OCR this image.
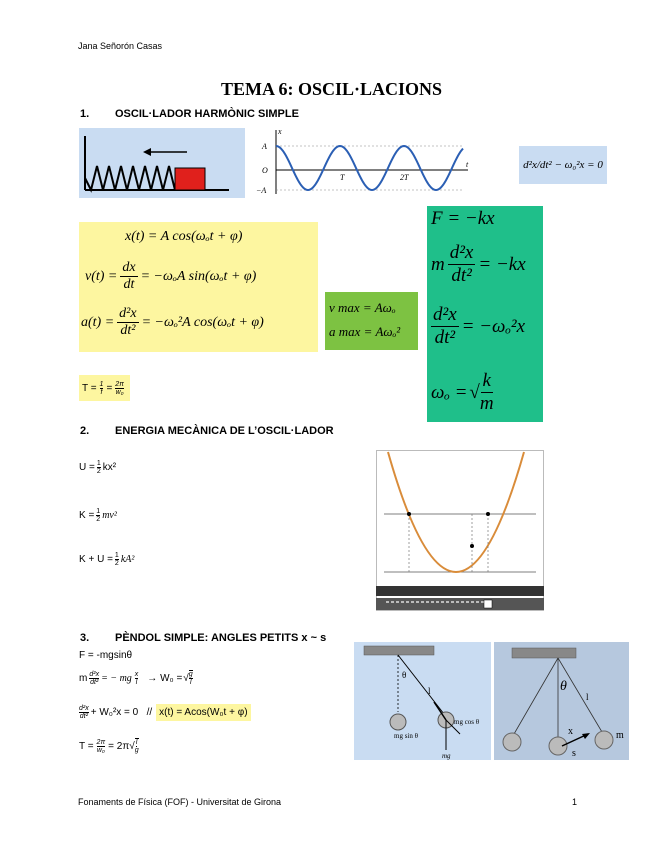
Jana Señorón Casas
TEMA 6: OSCIL·LACIONS
1. OSCIL·LADOR HARMÒNIC SIMPLE
x
A
O
−A
T	2T
t	d²x/dt² − ω₀²x = 0
x(t) = A cos(ωₒt + φ)
$v(t) = \frac{dx}{dt} = -\omega_oA$ sin(ωₒt + φ)
$a(t) = \frac{\text{d²x}}{\text{dt²}} = -\omega_o^2A$ cos(ωₒt + φ)
v max = Aωₒ
a max = Aωₒ²
F = −kx
m $\frac{\text{d²x}}{\text{dt²}} = -kx$
$\frac{\text{d²x}}{\text{dt²}} = -\omega_o^2x$
ωₒ = √ $\frac{k}{m}$
$T = \frac{1}{f} = \frac{2\pi}{\text{w₀}}$
2. ENERGIA MECÀNICA DE L’OSCIL·LADOR
$U = \frac{1}{2} kx^2$
$K = \frac{1}{2} mv^2$
$K + U = \frac{1}{2} kA^2$
3. PÈNDOL SIMPLE: ANGLES PETITS x ~ s
F = -mgsinθ
m $\frac{\text{d²x}}{\text{dt²}}$ = − mg x
l → W₀ = √ g
l
$\frac{\text{d²x}}{\text{dt²}} + W_0^2x = 0 // x(t) = Acos(W_0t + \varphi)$
$T = \frac{2\pi}{\text{w₀}} = 2\pi$ √ l
g
θ
l
mg sin θ
mg cos θ
mg
θ
l
x
s
m
Fonaments de Física (FOF) - Universitat de Girona	1
